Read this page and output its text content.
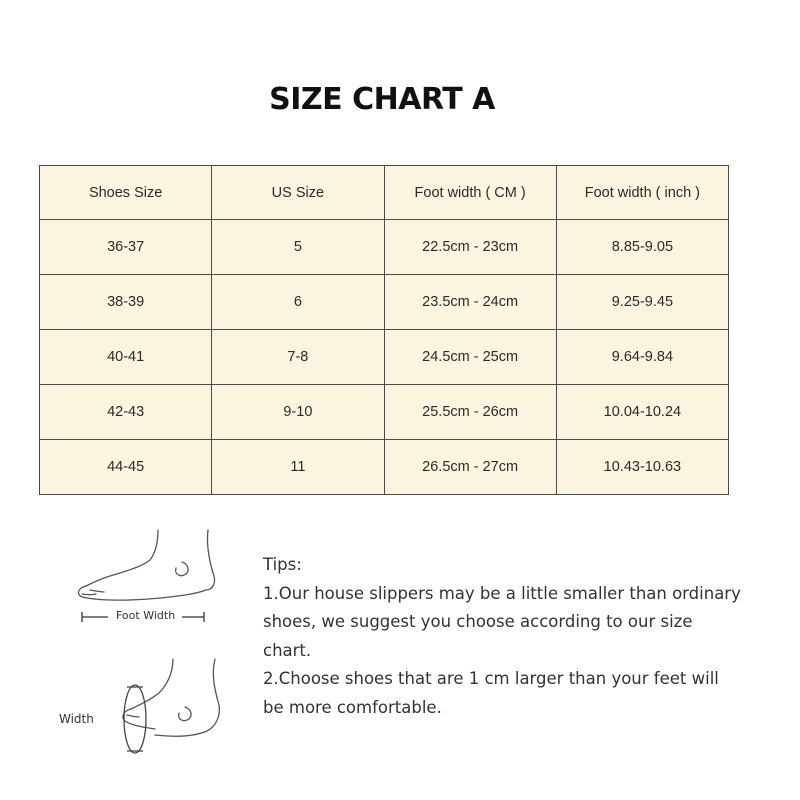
SIZE CHART A
Shoes Size	US Size	Foot width ( CM )	Foot width ( inch )
36-37	5	22.5cm - 23cm	8.85-9.05
38-39	6	23.5cm - 24cm	9.25-9.45
40-41	7-8	24.5cm - 25cm	9.64-9.84
42-43	9-10	25.5cm - 26cm	10.04-10.24
44-45	11	26.5cm - 27cm	10.43-10.63
Foot Width
Width

Tips:

1.Our house slippers may be a little smaller than ordinary shoes, we suggest you choose according to our size chart.

2.Choose shoes that are 1 cm larger than your feet will be more comfortable.
